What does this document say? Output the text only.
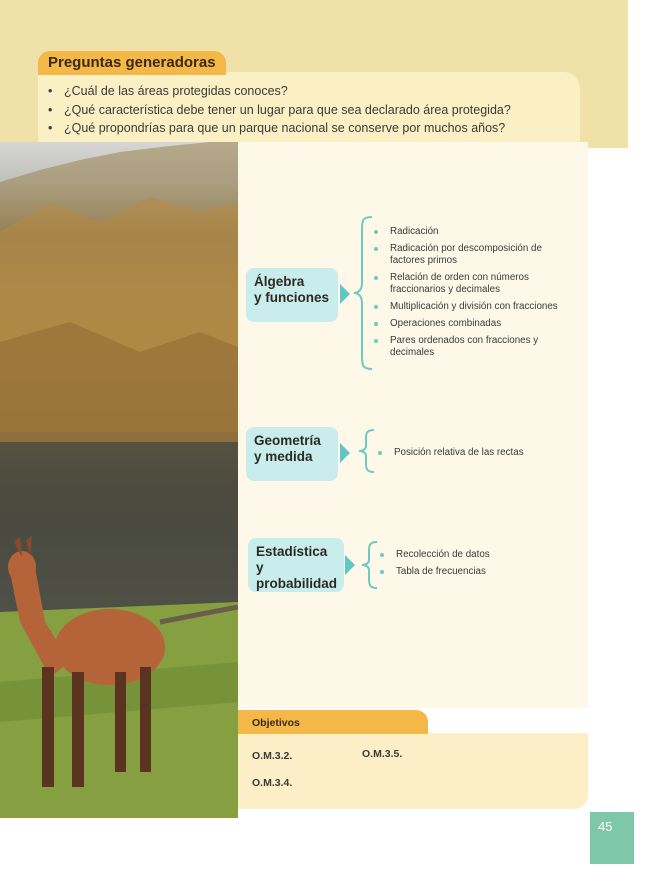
Preguntas generadoras
• ¿Cuál de las áreas protegidas conoces?
• ¿Qué característica debe tener un lugar para que sea declarado área protegida?
• ¿Qué propondrías para que un parque nacional se conserve por muchos años?
Álgebra
y funciones
Radicación
Radicación por descomposición de factores primos
Relación de orden con números fraccionarios y decimales
Multiplicación y división con fracciones
Operaciones combinadas
Pares ordenados con fracciones y decimales
Geometría
y medida	Posición relativa de las rectas
Estadística y
probabilidad
Recolección de datos
Tabla de frecuencias
Objetivos
O.M.3.2.	O.M.3.5.
O.M.3.4.
45
